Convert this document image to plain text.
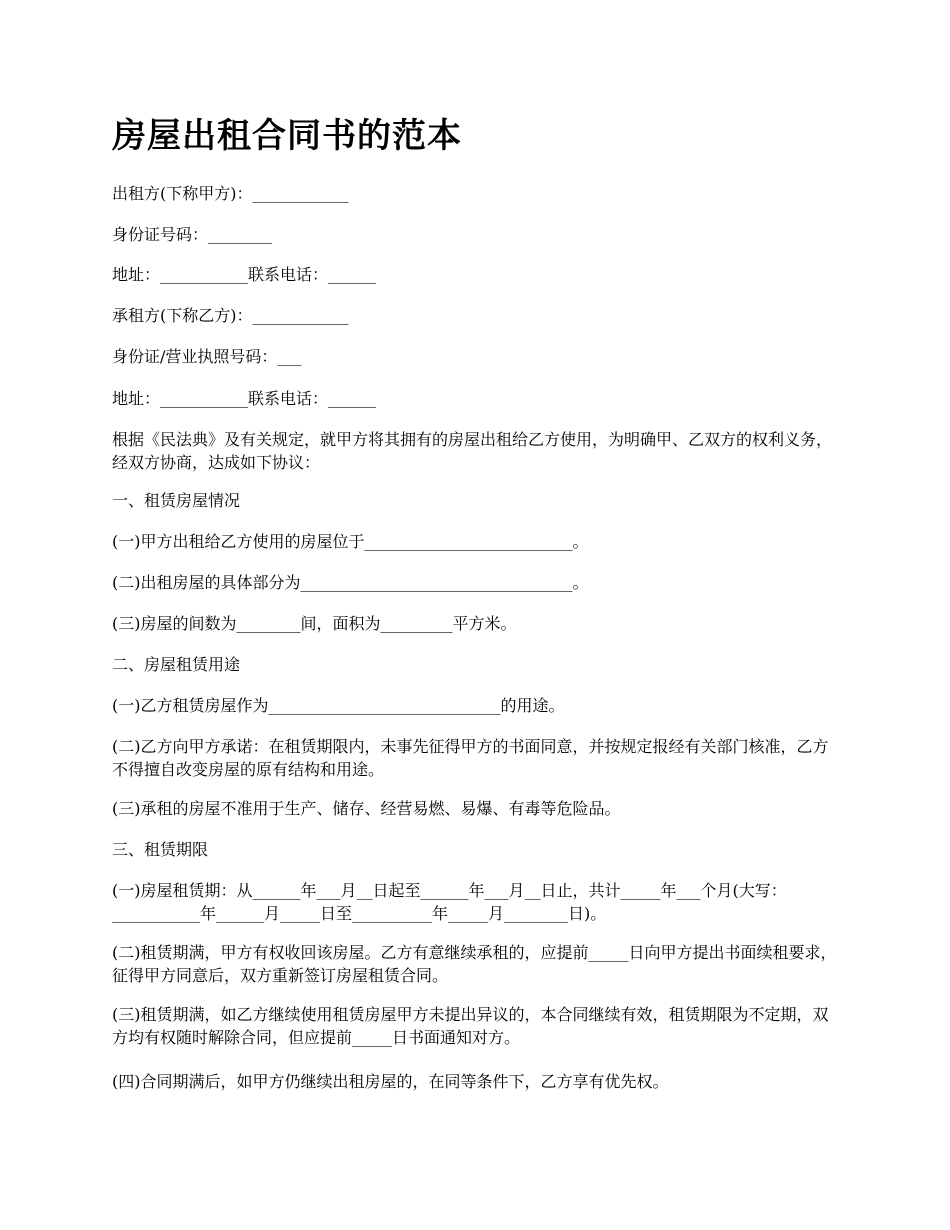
房屋出租合同书的范本

出租方(下称甲方)：____________

身份证号码：________

地址：___________联系电话：______

承租方(下称乙方)：____________

身份证/营业执照号码：___

地址：___________联系电话：______

根据《民法典》及有关规定，就甲方将其拥有的房屋出租给乙方使用，为明确甲、乙双方的权利义务，经双方协商，达成如下协议：

一、租赁房屋情况

(一)甲方出租给乙方使用的房屋位于__________________________。

(二)出租房屋的具体部分为__________________________________。

(三)房屋的间数为________间，面积为_________平方米。

二、房屋租赁用途

(一)乙方租赁房屋作为_____________________________的用途。

(二)乙方向甲方承诺：在租赁期限内，未事先征得甲方的书面同意，并按规定报经有关部门核准，乙方不得擅自改变房屋的原有结构和用途。

(三)承租的房屋不准用于生产、储存、经营易燃、易爆、有毒等危险品。

三、租赁期限

(一)房屋租赁期：从______年___月__日起至______年___月__日止，共计_____年___个月(大写：___________年______月_____日至__________年_____月________日)。

(二)租赁期满，甲方有权收回该房屋。乙方有意继续承租的，应提前_____日向甲方提出书面续租要求，征得甲方同意后，双方重新签订房屋租赁合同。

(三)租赁期满，如乙方继续使用租赁房屋甲方未提出异议的，本合同继续有效，租赁期限为不定期，双方均有权随时解除合同，但应提前_____日书面通知对方。

(四)合同期满后，如甲方仍继续出租房屋的，在同等条件下，乙方享有优先权。
